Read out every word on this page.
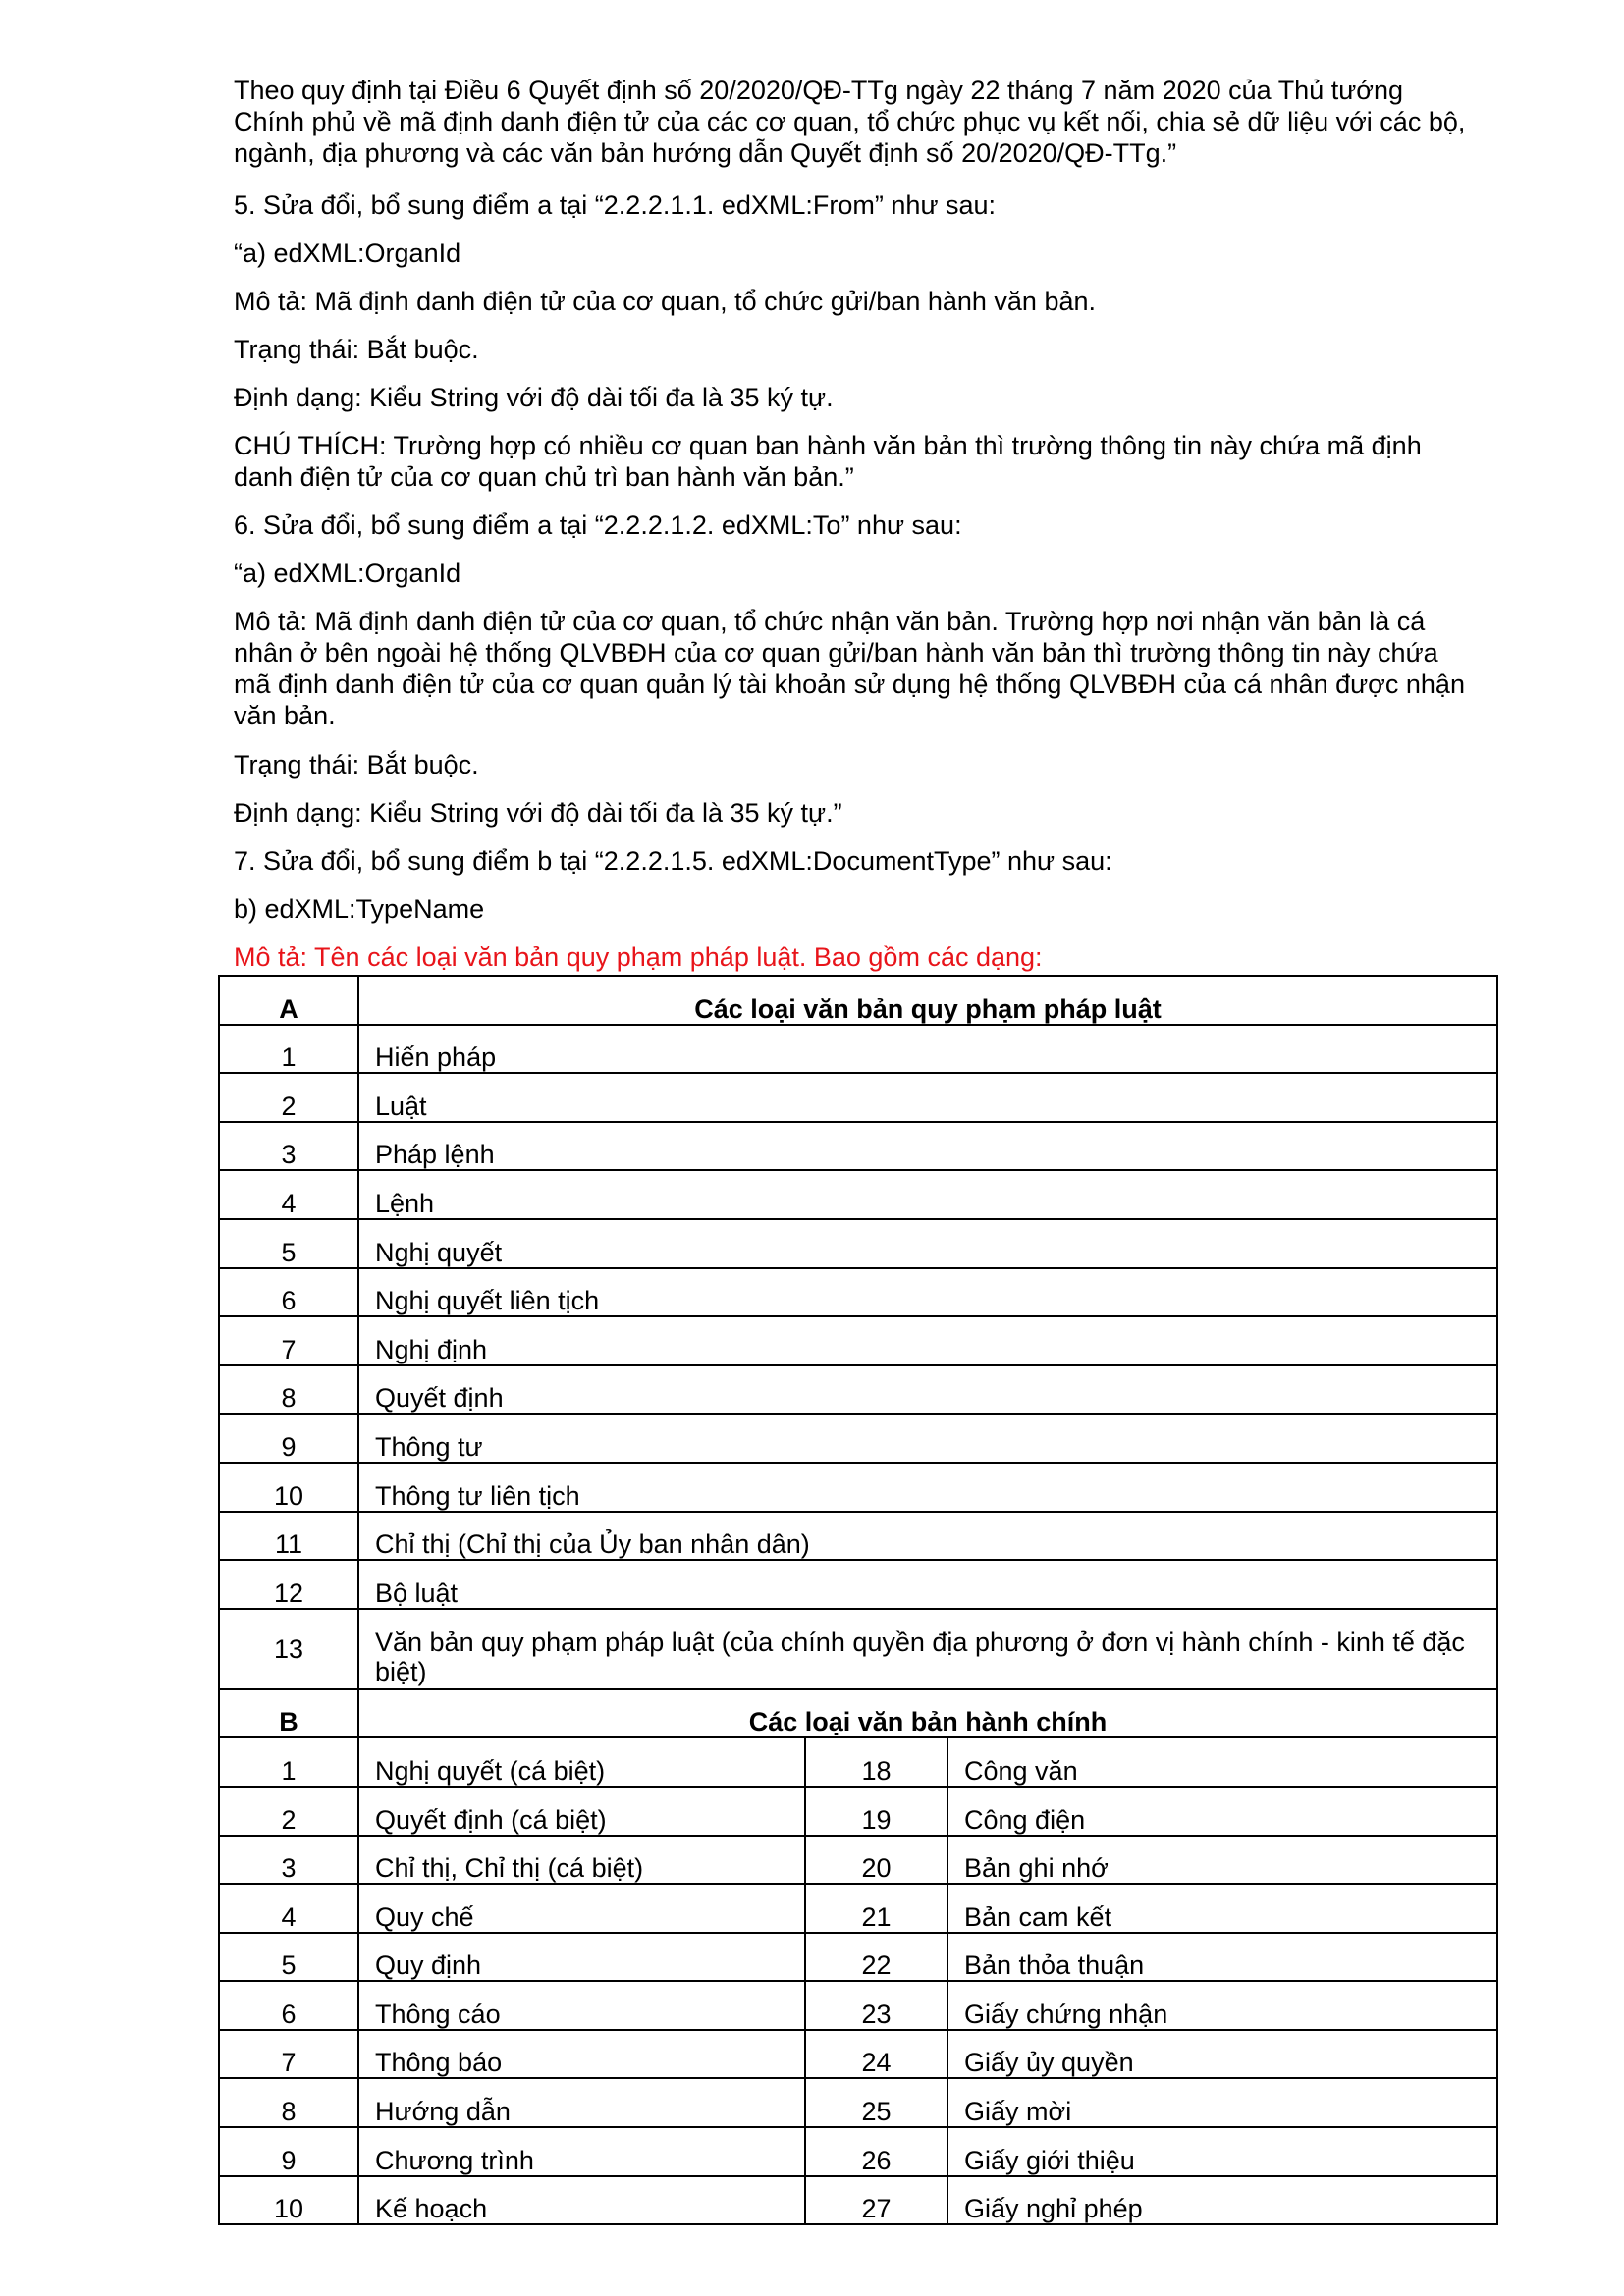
Theo quy định tại Điều 6 Quyết định số 20/2020/QĐ-TTg ngày 22 tháng 7 năm 2020 của Thủ tướng Chính phủ về mã định danh điện tử của các cơ quan, tổ chức phục vụ kết nối, chia sẻ dữ liệu với các bộ, ngành, địa phương và các văn bản hướng dẫn Quyết định số 20/2020/QĐ-TTg.”

5. Sửa đổi, bổ sung điểm a tại “2.2.2.1.1. edXML:From” như sau:

“a) edXML:OrganId

Mô tả: Mã định danh điện tử của cơ quan, tổ chức gửi/ban hành văn bản.

Trạng thái: Bắt buộc.

Định dạng: Kiểu String với độ dài tối đa là 35 ký tự.

CHÚ THÍCH: Trường hợp có nhiều cơ quan ban hành văn bản thì trường thông tin này chứa mã định danh điện tử của cơ quan chủ trì ban hành văn bản.”

6. Sửa đổi, bổ sung điểm a tại “2.2.2.1.2. edXML:To” như sau:

“a) edXML:OrganId

Mô tả: Mã định danh điện tử của cơ quan, tổ chức nhận văn bản. Trường hợp nơi nhận văn bản là cá nhân ở bên ngoài hệ thống QLVBĐH của cơ quan gửi/ban hành văn bản thì trường thông tin này chứa mã định danh điện tử của cơ quan quản lý tài khoản sử dụng hệ thống QLVBĐH của cá nhân được nhận văn bản.

Trạng thái: Bắt buộc.

Định dạng: Kiểu String với độ dài tối đa là 35 ký tự.”

7. Sửa đổi, bổ sung điểm b tại “2.2.2.1.5. edXML:DocumentType” như sau:

b) edXML:TypeName

Mô tả: Tên các loại văn bản quy phạm pháp luật. Bao gồm các dạng:

A	Các loại văn bản quy phạm pháp luật		
1	Hiến pháp		
2	Luật		
3	Pháp lệnh		
4	Lệnh		
5	Nghị quyết		
6	Nghị quyết liên tịch		
7	Nghị định		
8	Quyết định		
9	Thông tư		
10	Thông tư liên tịch		
11	Chỉ thị (Chỉ thị của Ủy ban nhân dân)		
12	Bộ luật		
13	Văn bản quy phạm pháp luật (của chính quyền địa phương ở đơn vị hành chính - kinh tế đặc biệt)		
B	Các loại văn bản hành chính		
1	Nghị quyết (cá biệt)	18	Công văn
2	Quyết định (cá biệt)	19	Công điện
3	Chỉ thị, Chỉ thị (cá biệt)	20	Bản ghi nhớ
4	Quy chế	21	Bản cam kết
5	Quy định	22	Bản thỏa thuận
6	Thông cáo	23	Giấy chứng nhận
7	Thông báo	24	Giấy ủy quyền
8	Hướng dẫn	25	Giấy mời
9	Chương trình	26	Giấy giới thiệu
10	Kế hoạch	27	Giấy nghỉ phép
